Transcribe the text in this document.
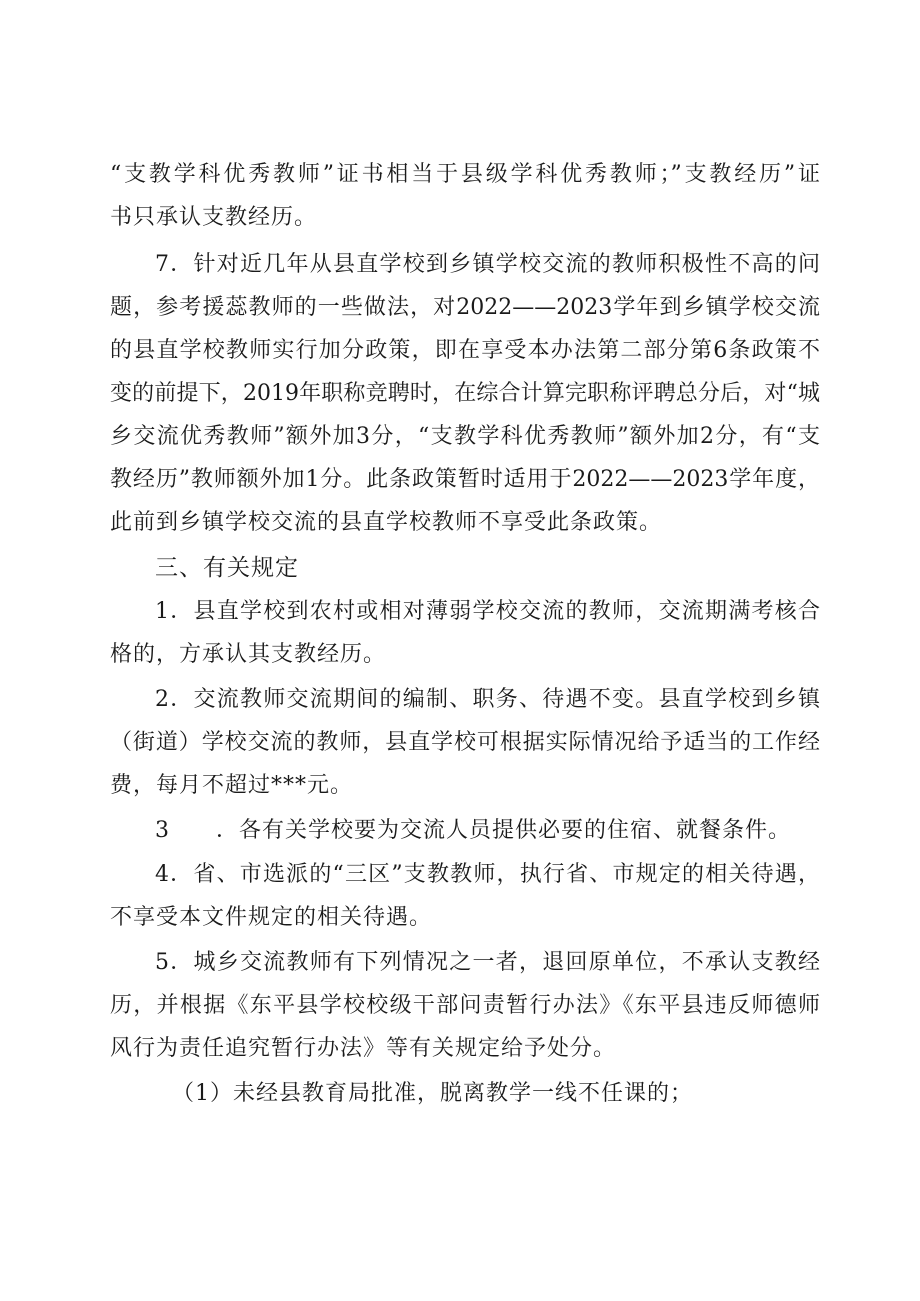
“支教学科优秀教师”证书相当于县级学科优秀教师；”支教经历”证
书只承认支教经历。
7．针对近几年从县直学校到乡镇学校交流的教师积极性不高的问
题，参考援蕊教师的一些做法，对2022——2023学年到乡镇学校交流
的县直学校教师实行加分政策，即在享受本办法第二部分第6条政策不
变的前提下，2019年职称竞聘时，在综合计算完职称评聘总分后，对“城
乡交流优秀教师”额外加3分，“支教学科优秀教师”额外加2分，有“支
教经历”教师额外加1分。此条政策暂时适用于2022——2023学年度，
此前到乡镇学校交流的县直学校教师不享受此条政策。
三、有关规定
1．县直学校到农村或相对薄弱学校交流的教师，交流期满考核合
格的，方承认其支教经历。
2．交流教师交流期间的编制、职务、待遇不变。县直学校到乡镇
（街道）学校交流的教师，县直学校可根据实际情况给予适当的工作经
费，每月不超过***元。
3　　．各有关学校要为交流人员提供必要的住宿、就餐条件。
4．省、市选派的“三区”支教教师，执行省、市规定的相关待遇，
不享受本文件规定的相关待遇。
5．城乡交流教师有下列情况之一者，退回原单位，不承认支教经
历，并根据《东平县学校校级干部问责暂行办法》《东平县违反师德师
风行为责任追究暂行办法》等有关规定给予处分。
（1）未经县教育局批准，脱离教学一线不任课的；
